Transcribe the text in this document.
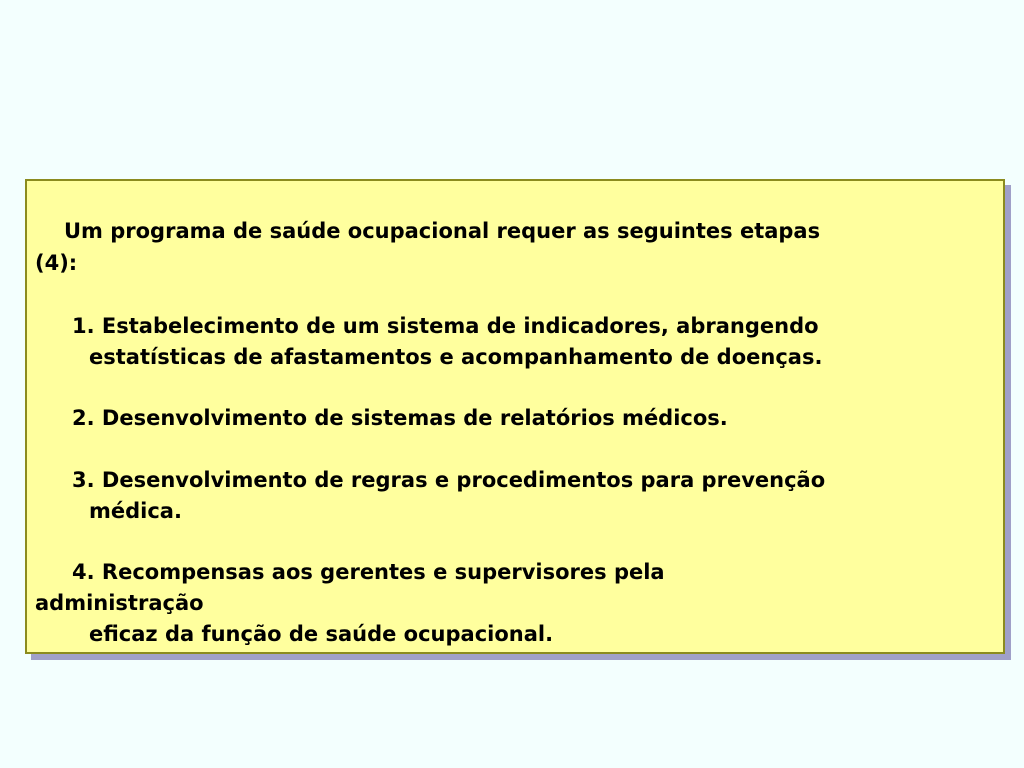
Um programa de saúde ocupacional requer as seguintes etapas
(4):
1. Estabelecimento de um sistema de indicadores, abrangendo
estatísticas de afastamentos e acompanhamento de doenças.
2. Desenvolvimento de sistemas de relatórios médicos.
3. Desenvolvimento de regras e procedimentos para prevenção
médica.
4. Recompensas aos gerentes e supervisores pela
administração
eficaz da função de saúde ocupacional.
